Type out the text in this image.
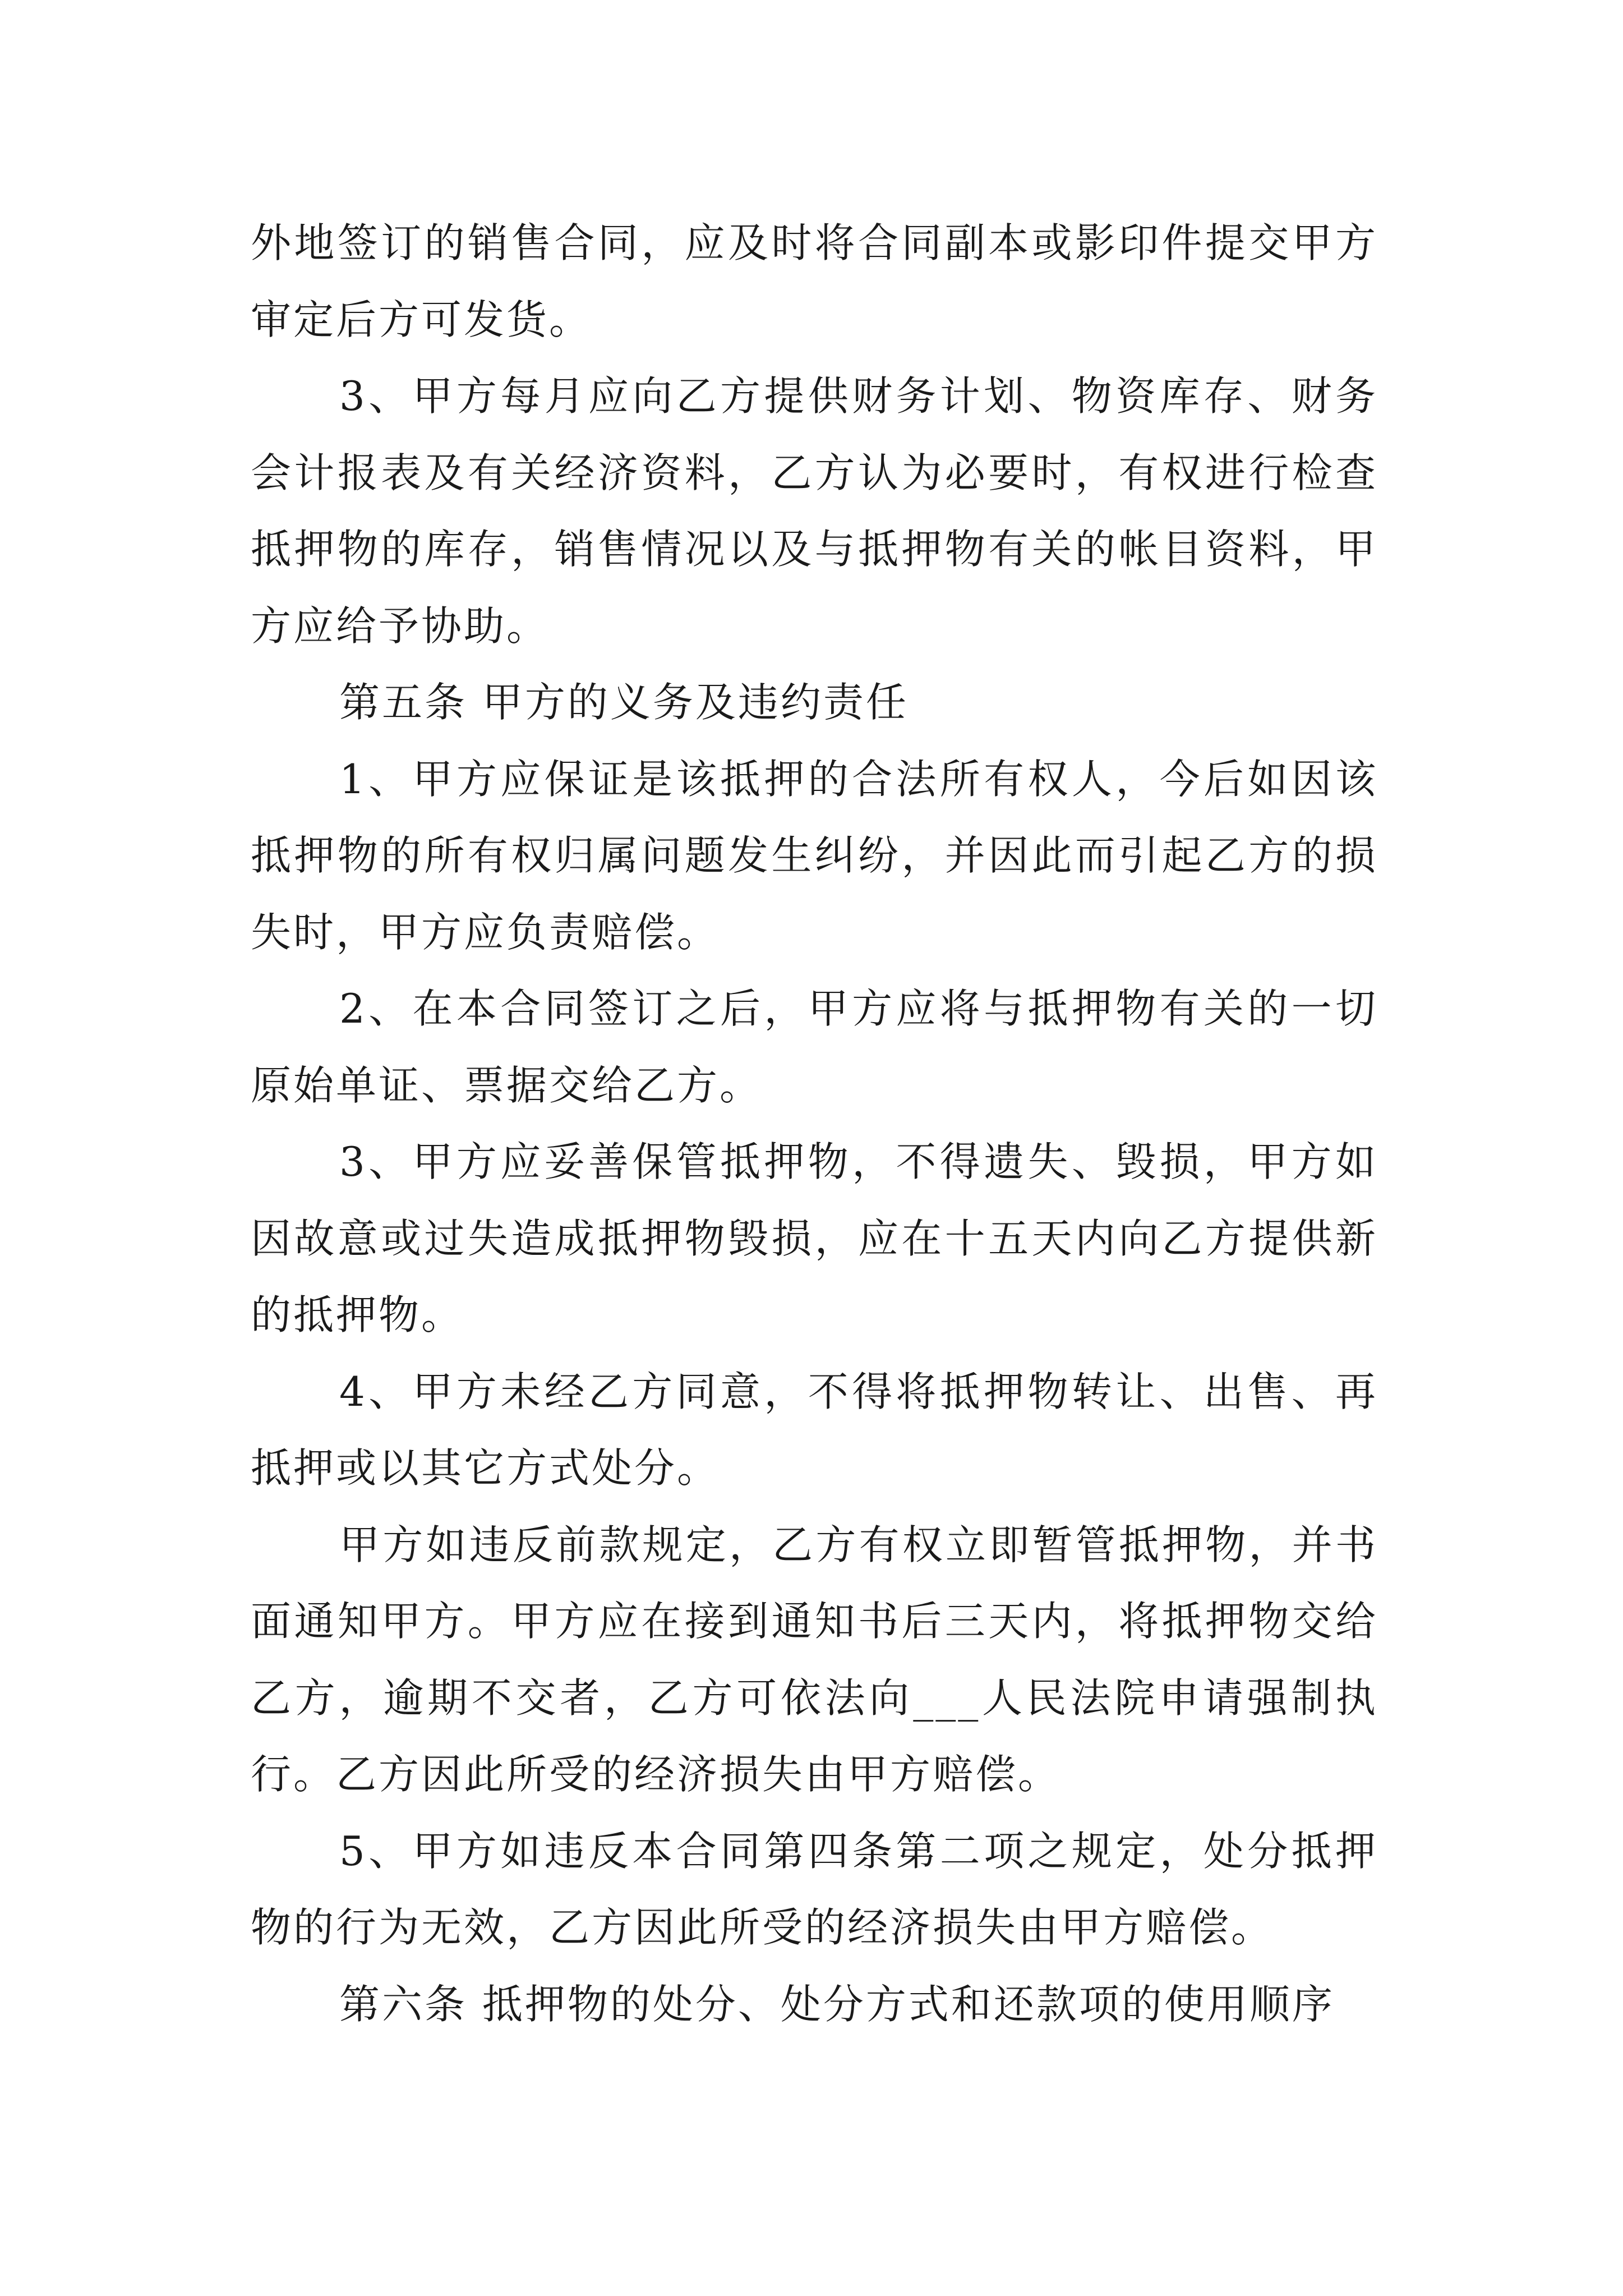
外地签订的销售合同，应及时将合同副本或影印件提交甲方审定后方可发货。

3、甲方每月应向乙方提供财务计划、物资库存、财务会计报表及有关经济资料，乙方认为必要时，有权进行检查抵押物的库存，销售情况以及与抵押物有关的帐目资料，甲方应给予协助。

第五条 甲方的义务及违约责任

1、甲方应保证是该抵押的合法所有权人，今后如因该抵押物的所有权归属问题发生纠纷，并因此而引起乙方的损失时，甲方应负责赔偿。

2、在本合同签订之后，甲方应将与抵押物有关的一切原始单证、票据交给乙方。

3、甲方应妥善保管抵押物，不得遗失、毁损，甲方如因故意或过失造成抵押物毁损，应在十五天内向乙方提供新的抵押物。

4、甲方未经乙方同意，不得将抵押物转让、出售、再抵押或以其它方式处分。

甲方如违反前款规定，乙方有权立即暂管抵押物，并书面通知甲方。甲方应在接到通知书后三天内，将抵押物交给乙方，逾期不交者，乙方可依法向___人民法院申请强制执行。乙方因此所受的经济损失由甲方赔偿。

5、甲方如违反本合同第四条第二项之规定，处分抵押物的行为无效，乙方因此所受的经济损失由甲方赔偿。

第六条 抵押物的处分、处分方式和还款项的使用顺序
